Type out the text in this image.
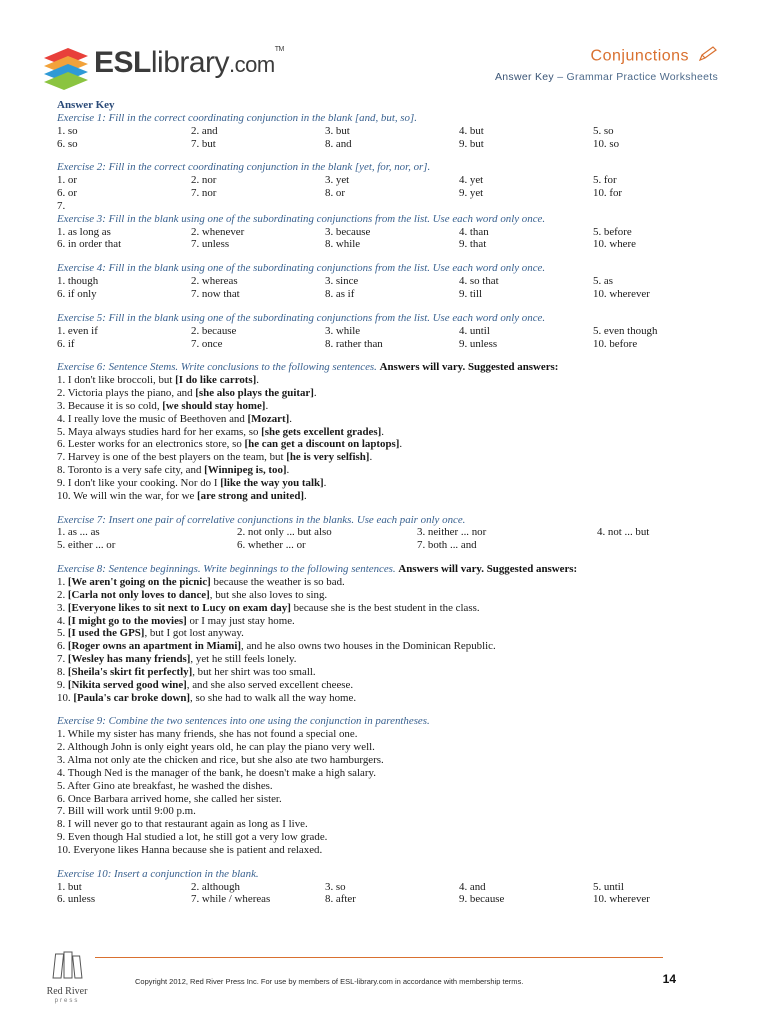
ESLlibrary.com™	Conjunctions
Answer Key – Grammar Practice Worksheets
Answer Key
Exercise 1: Fill in the correct coordinating conjunction in the blank [and, but, so].
1. so	2. and	3. but	4. but	5. so
6. so	7. but	8. and	9. but	10. so
Exercise 2: Fill in the correct coordinating conjunction in the blank [yet, for, nor, or].
1. or	2. nor	3. yet	4. yet	5. for
6. or	7. nor	8. or	9. yet	10. for
7.
Exercise 3: Fill in the blank using one of the subordinating conjunctions from the list. Use each word only once.
1. as long as	2. whenever	3. because	4. than	5. before
6. in order that	7. unless	8. while	9. that	10. where
Exercise 4: Fill in the blank using one of the subordinating conjunctions from the list. Use each word only once.
1. though	2. whereas	3. since	4. so that	5. as
6. if only	7. now that	8. as if	9. till	10. wherever
Exercise 5: Fill in the blank using one of the subordinating conjunctions from the list. Use each word only once.
1. even if	2. because	3. while	4. until	5. even though
6. if	7. once	8. rather than	9. unless	10. before
Exercise 6: Sentence Stems. Write conclusions to the following sentences. Answers will vary. Suggested answers:
1. I don't like broccoli, but [I do like carrots].
2. Victoria plays the piano, and [she also plays the guitar].
3. Because it is so cold, [we should stay home].
4. I really love the music of Beethoven and [Mozart].
5. Maya always studies hard for her exams, so [she gets excellent grades].
6. Lester works for an electronics store, so [he can get a discount on laptops].
7. Harvey is one of the best players on the team, but [he is very selfish].
8. Toronto is a very safe city, and [Winnipeg is, too].
9. I don't like your cooking. Nor do I [like the way you talk].
10. We will win the war, for we [are strong and united].
Exercise 7: Insert one pair of correlative conjunctions in the blanks. Use each pair only once.
1. as ... as	2. not only ... but also	3. neither ... nor	4. not ... but
5. either ... or	6. whether ... or	7. both ... and
Exercise 8: Sentence beginnings. Write beginnings to the following sentences. Answers will vary. Suggested answers:
1. [We aren't going on the picnic] because the weather is so bad.
2. [Carla not only loves to dance], but she also loves to sing.
3. [Everyone likes to sit next to Lucy on exam day] because she is the best student in the class.
4. [I might go to the movies] or I may just stay home.
5. [I used the GPS], but I got lost anyway.
6. [Roger owns an apartment in Miami], and he also owns two houses in the Dominican Republic.
7. [Wesley has many friends], yet he still feels lonely.
8. [Sheila's skirt fit perfectly], but her shirt was too small.
9. [Nikita served good wine], and she also served excellent cheese.
10. [Paula's car broke down], so she had to walk all the way home.
Exercise 9: Combine the two sentences into one using the conjunction in parentheses.
1. While my sister has many friends, she has not found a special one.
2. Although John is only eight years old, he can play the piano very well.
3. Alma not only ate the chicken and rice, but she also ate two hamburgers.
4. Though Ned is the manager of the bank, he doesn't make a high salary.
5. After Gino ate breakfast, he washed the dishes.
6. Once Barbara arrived home, she called her sister.
7. Bill will work until 9:00 p.m.
8. I will never go to that restaurant again as long as I live.
9. Even though Hal studied a lot, he still got a very low grade.
10. Everyone likes Hanna because she is patient and relaxed.
Exercise 10: Insert a conjunction in the blank.
1. but	2. although	3. so	4. and	5. until
6. unless	7. while / whereas	8. after	9. because	10. wherever
Red River
press
Copyright 2012, Red River Press Inc. For use by members of ESL-library.com in accordance with membership terms.	14
